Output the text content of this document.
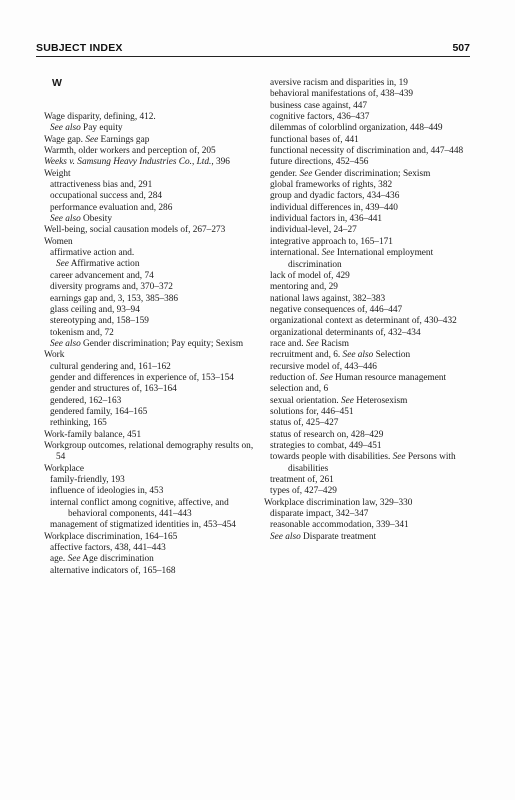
SUBJECT INDEX	507
W
Wage disparity, defining, 412.
See also Pay equity
Wage gap. See Earnings gap
Warmth, older workers and perception of, 205
Weeks v. Samsung Heavy Industries Co., Ltd., 396
Weight
attractiveness bias and, 291
occupational success and, 284
performance evaluation and, 286
See also Obesity
Well-being, social causation models of, 267–273
Women
affirmative action and.
See Affirmative action
career advancement and, 74
diversity programs and, 370–372
earnings gap and, 3, 153, 385–386
glass ceiling and, 93–94
stereotyping and, 158–159
tokenism and, 72
See also Gender discrimination; Pay equity; Sexism
Work
cultural gendering and, 161–162
gender and differences in experience of, 153–154
gender and structures of, 163–164
gendered, 162–163
gendered family, 164–165
rethinking, 165
Work-family balance, 451
Workgroup outcomes, relational demography results on, 54
Workplace
family-friendly, 193
influence of ideologies in, 453
internal conflict among cognitive, affective, and behavioral components, 441–443
management of stigmatized identities in, 453–454
Workplace discrimination, 164–165
affective factors, 438, 441–443
age. See Age discrimination
alternative indicators of, 165–168
aversive racism and disparities in, 19
behavioral manifestations of, 438–439
business case against, 447
cognitive factors, 436–437
dilemmas of colorblind organization, 448–449
functional bases of, 441
functional necessity of discrimination and, 447–448
future directions, 452–456
gender. See Gender discrimination; Sexism
global frameworks of rights, 382
group and dyadic factors, 434–436
individual differences in, 439–440
individual factors in, 436–441
individual-level, 24–27
integrative approach to, 165–171
international. See International employment discrimination
lack of model of, 429
mentoring and, 29
national laws against, 382–383
negative consequences of, 446–447
organizational context as determinant of, 430–432
organizational determinants of, 432–434
race and. See Racism
recruitment and, 6. See also Selection
recursive model of, 443–446
reduction of. See Human resource management
selection and, 6
sexual orientation. See Heterosexism
solutions for, 446–451
status of, 425–427
status of research on, 428–429
strategies to combat, 449–451
towards people with disabilities. See Persons with disabilities
treatment of, 261
types of, 427–429
Workplace discrimination law, 329–330
disparate impact, 342–347
reasonable accommodation, 339–341
See also Disparate treatment
